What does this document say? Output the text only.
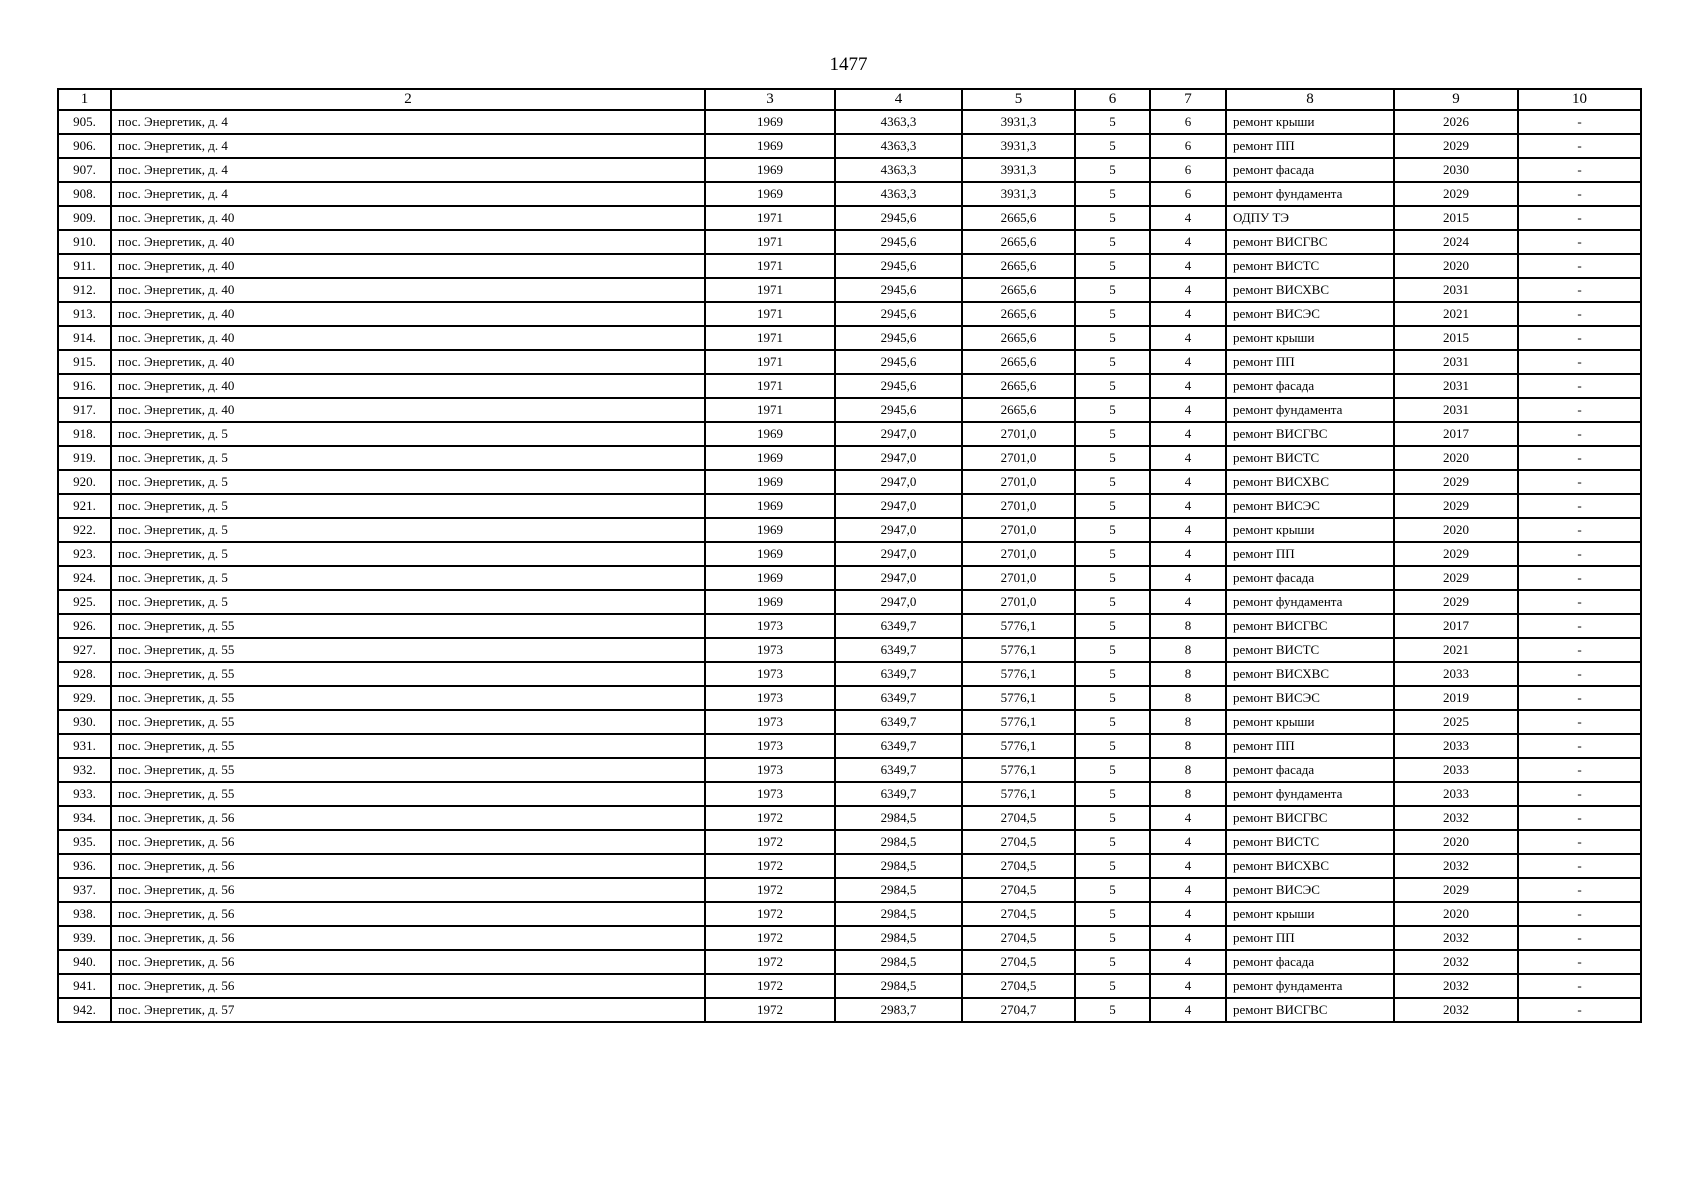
1477
1	2	3	4	5	6	7	8	9	10
905.	пос. Энергетик, д. 4	1969	4363,3	3931,3	5	6	ремонт крыши	2026	-
906.	пос. Энергетик, д. 4	1969	4363,3	3931,3	5	6	ремонт ПП	2029	-
907.	пос. Энергетик, д. 4	1969	4363,3	3931,3	5	6	ремонт фасада	2030	-
908.	пос. Энергетик, д. 4	1969	4363,3	3931,3	5	6	ремонт фундамента	2029	-
909.	пос. Энергетик, д. 40	1971	2945,6	2665,6	5	4	ОДПУ ТЭ	2015	-
910.	пос. Энергетик, д. 40	1971	2945,6	2665,6	5	4	ремонт ВИСГВС	2024	-
911.	пос. Энергетик, д. 40	1971	2945,6	2665,6	5	4	ремонт ВИСТС	2020	-
912.	пос. Энергетик, д. 40	1971	2945,6	2665,6	5	4	ремонт ВИСХВС	2031	-
913.	пос. Энергетик, д. 40	1971	2945,6	2665,6	5	4	ремонт ВИСЭС	2021	-
914.	пос. Энергетик, д. 40	1971	2945,6	2665,6	5	4	ремонт крыши	2015	-
915.	пос. Энергетик, д. 40	1971	2945,6	2665,6	5	4	ремонт ПП	2031	-
916.	пос. Энергетик, д. 40	1971	2945,6	2665,6	5	4	ремонт фасада	2031	-
917.	пос. Энергетик, д. 40	1971	2945,6	2665,6	5	4	ремонт фундамента	2031	-
918.	пос. Энергетик, д. 5	1969	2947,0	2701,0	5	4	ремонт ВИСГВС	2017	-
919.	пос. Энергетик, д. 5	1969	2947,0	2701,0	5	4	ремонт ВИСТС	2020	-
920.	пос. Энергетик, д. 5	1969	2947,0	2701,0	5	4	ремонт ВИСХВС	2029	-
921.	пос. Энергетик, д. 5	1969	2947,0	2701,0	5	4	ремонт ВИСЭС	2029	-
922.	пос. Энергетик, д. 5	1969	2947,0	2701,0	5	4	ремонт крыши	2020	-
923.	пос. Энергетик, д. 5	1969	2947,0	2701,0	5	4	ремонт ПП	2029	-
924.	пос. Энергетик, д. 5	1969	2947,0	2701,0	5	4	ремонт фасада	2029	-
925.	пос. Энергетик, д. 5	1969	2947,0	2701,0	5	4	ремонт фундамента	2029	-
926.	пос. Энергетик, д. 55	1973	6349,7	5776,1	5	8	ремонт ВИСГВС	2017	-
927.	пос. Энергетик, д. 55	1973	6349,7	5776,1	5	8	ремонт ВИСТС	2021	-
928.	пос. Энергетик, д. 55	1973	6349,7	5776,1	5	8	ремонт ВИСХВС	2033	-
929.	пос. Энергетик, д. 55	1973	6349,7	5776,1	5	8	ремонт ВИСЭС	2019	-
930.	пос. Энергетик, д. 55	1973	6349,7	5776,1	5	8	ремонт крыши	2025	-
931.	пос. Энергетик, д. 55	1973	6349,7	5776,1	5	8	ремонт ПП	2033	-
932.	пос. Энергетик, д. 55	1973	6349,7	5776,1	5	8	ремонт фасада	2033	-
933.	пос. Энергетик, д. 55	1973	6349,7	5776,1	5	8	ремонт фундамента	2033	-
934.	пос. Энергетик, д. 56	1972	2984,5	2704,5	5	4	ремонт ВИСГВС	2032	-
935.	пос. Энергетик, д. 56	1972	2984,5	2704,5	5	4	ремонт ВИСТС	2020	-
936.	пос. Энергетик, д. 56	1972	2984,5	2704,5	5	4	ремонт ВИСХВС	2032	-
937.	пос. Энергетик, д. 56	1972	2984,5	2704,5	5	4	ремонт ВИСЭС	2029	-
938.	пос. Энергетик, д. 56	1972	2984,5	2704,5	5	4	ремонт крыши	2020	-
939.	пос. Энергетик, д. 56	1972	2984,5	2704,5	5	4	ремонт ПП	2032	-
940.	пос. Энергетик, д. 56	1972	2984,5	2704,5	5	4	ремонт фасада	2032	-
941.	пос. Энергетик, д. 56	1972	2984,5	2704,5	5	4	ремонт фундамента	2032	-
942.	пос. Энергетик, д. 57	1972	2983,7	2704,7	5	4	ремонт ВИСГВС	2032	-
